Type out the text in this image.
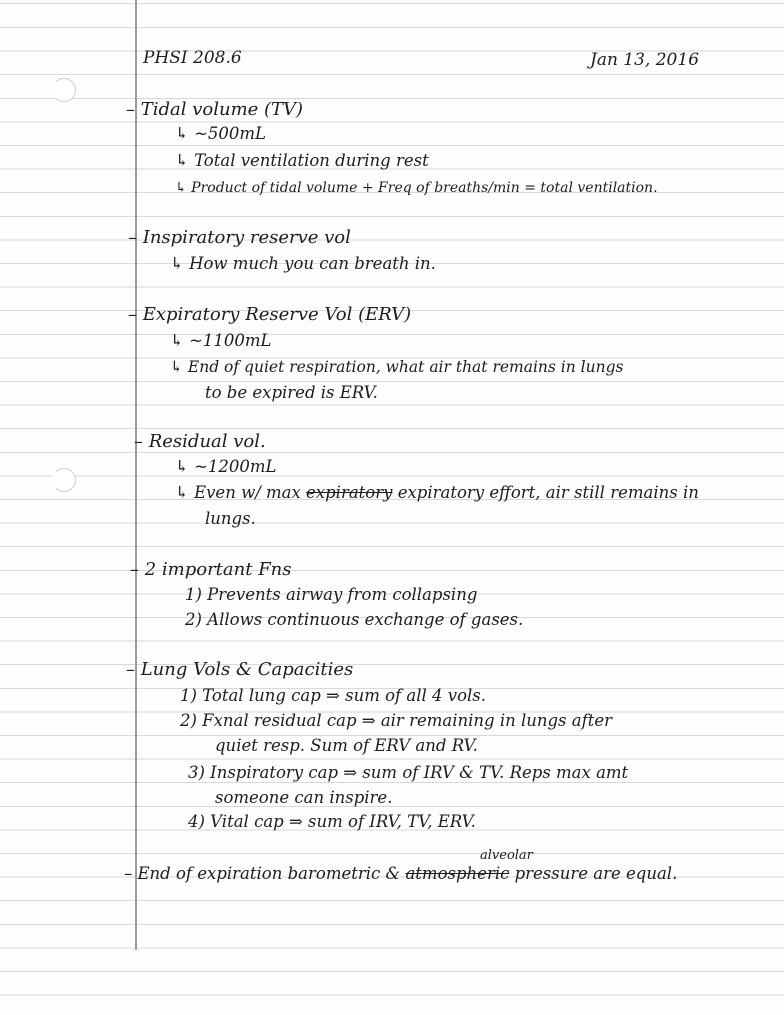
PHSI 208.6	Jan 13, 2016
– Tidal volume (TV)
↳ ~500mL
↳ Total ventilation during rest
↳ Product of tidal volume + Freq of breaths/min = total ventilation.
– Inspiratory reserve vol
↳ How much you can breath in.
– Expiratory Reserve Vol (ERV)
↳ ~1100mL
↳ End of quiet respiration, what air that remains in lungs
to be expired is ERV.
– Residual vol.
↳ ~1200mL
↳ Even w/ max expiratory expiratory effort, air still remains in
lungs.
– 2 important Fns
1) Prevents airway from collapsing
2) Allows continuous exchange of gases.
– Lung Vols & Capacities
1) Total lung cap ⇒ sum of all 4 vols.
2) Fxnal residual cap ⇒ air remaining in lungs after
quiet resp. Sum of ERV and RV.
3) Inspiratory cap ⇒ sum of IRV & TV. Reps max amt
someone can inspire.
4) Vital cap ⇒ sum of IRV, TV, ERV.
alveolar
– End of expiration barometric & atmospheric pressure are equal.
